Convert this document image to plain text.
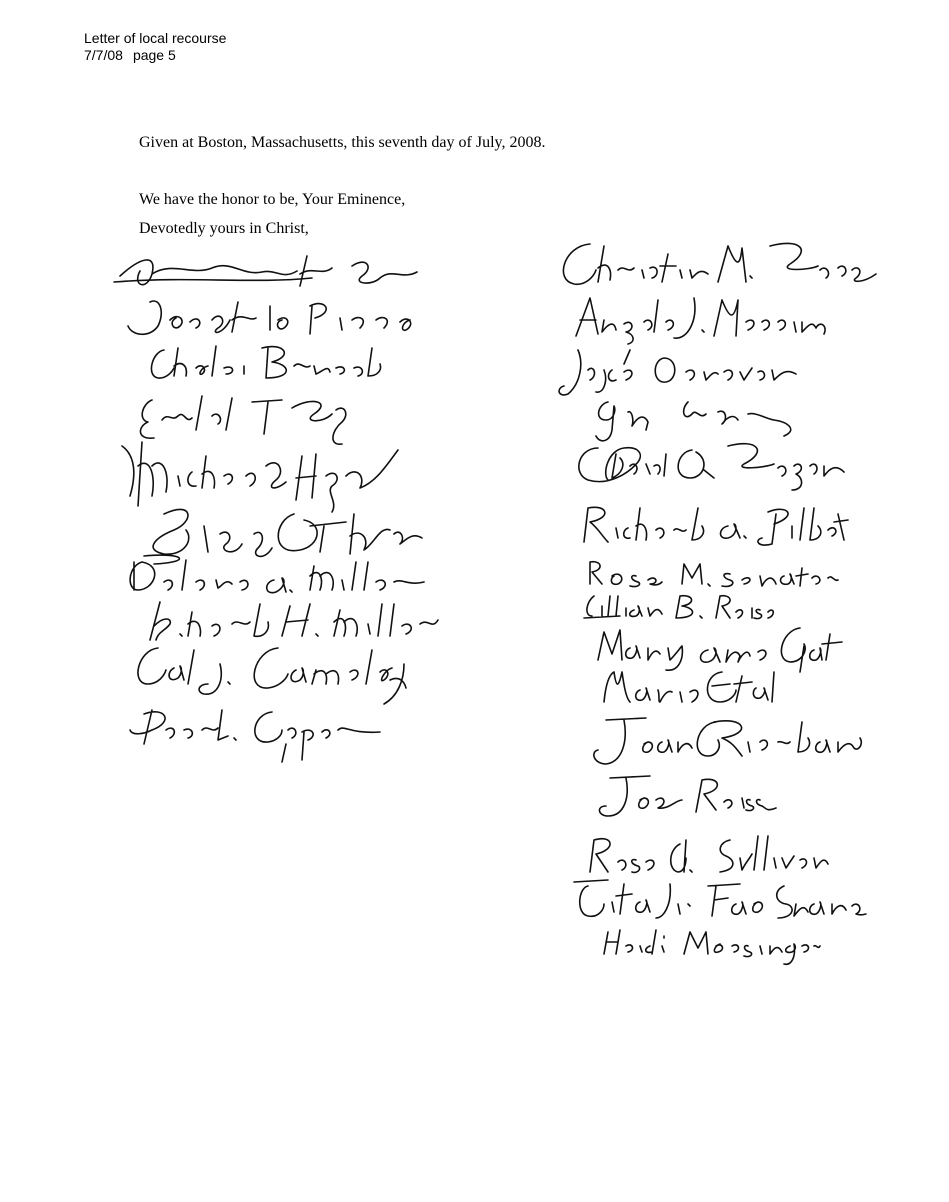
Letter of local recourse
7/7/08 page 5
Given at Boston, Massachusetts, this seventh day of July, 2008.
We have the honor to be, Your Eminence,
Devotedly yours in Christ,
